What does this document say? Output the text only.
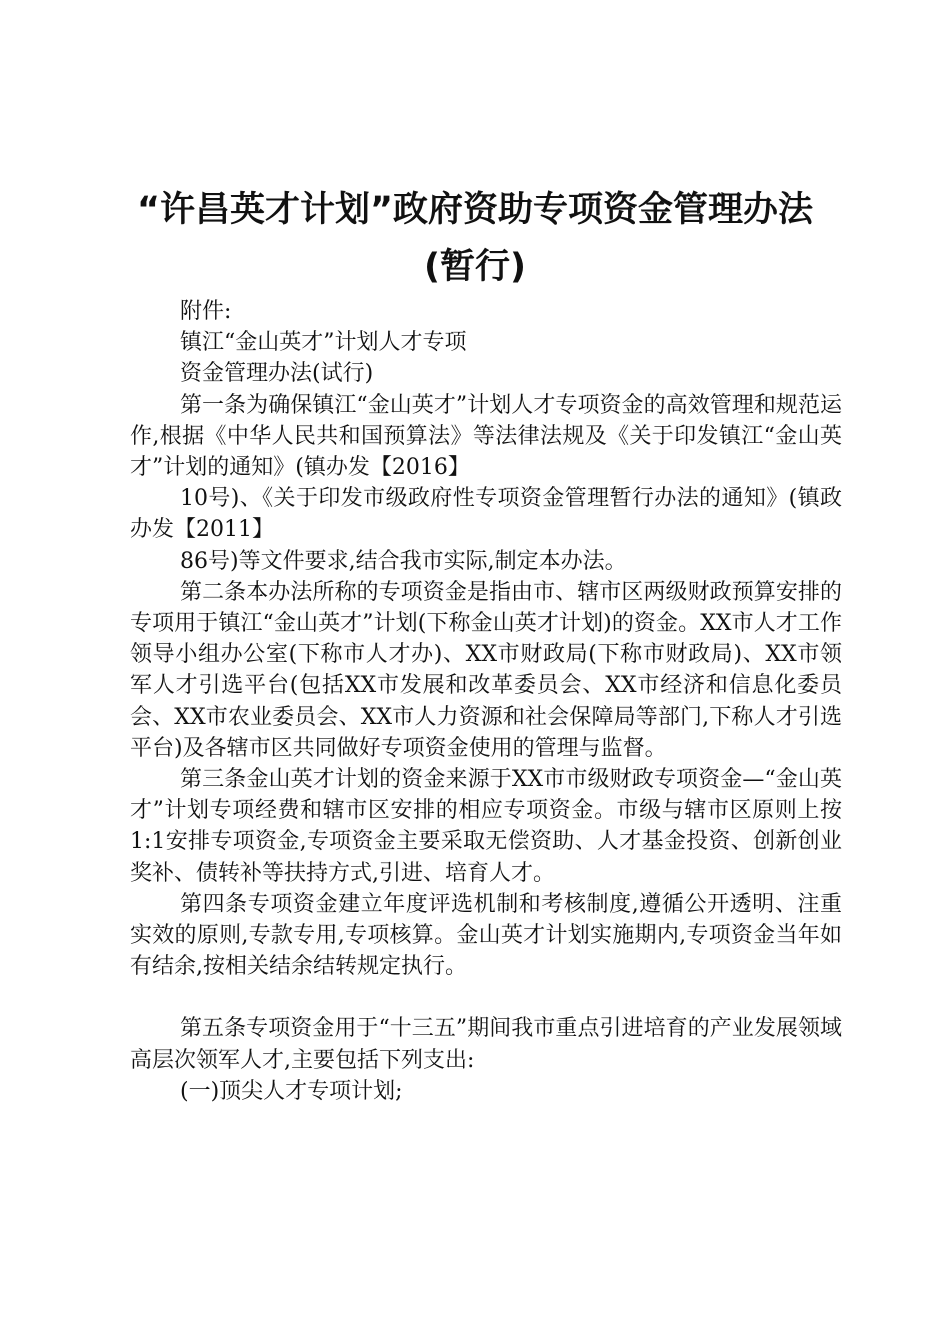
“许昌英才计划”政府资助专项资金管理办法
(暂行)

附件:

镇江“金山英才”计划人才专项

资金管理办法(试行)

第一条为确保镇江“金山英才”计划人才专项资金的高效管理和规范运作,根据《中华人民共和国预算法》等法律法规及《关于印发镇江“金山英才”计划的通知》(镇办发【2016】

10号)、《关于印发市级政府性专项资金管理暂行办法的通知》(镇政办发【2011】

86号)等文件要求,结合我市实际,制定本办法。

第二条本办法所称的专项资金是指由市、辖市区两级财政预算安排的专项用于镇江“金山英才”计划(下称金山英才计划)的资金。XX市人才工作领导小组办公室(下称市人才办)、XX市财政局(下称市财政局)、XX市领军人才引选平台(包括XX市发展和改革委员会、XX市经济和信息化委员会、XX市农业委员会、XX市人力资源和社会保障局等部门,下称人才引选平台)及各辖市区共同做好专项资金使用的管理与监督。

第三条金山英才计划的资金来源于XX市市级财政专项资金—“金山英才”计划专项经费和辖市区安排的相应专项资金。市级与辖市区原则上按1:1安排专项资金,专项资金主要采取无偿资助、人才基金投资、创新创业奖补、债转补等扶持方式,引进、培育人才。

第四条专项资金建立年度评选机制和考核制度,遵循公开透明、注重实效的原则,专款专用,专项核算。金山英才计划实施期内,专项资金当年如有结余,按相关结余结转规定执行。

第五条专项资金用于“十三五”期间我市重点引进培育的产业发展领域高层次领军人才,主要包括下列支出:

(一)顶尖人才专项计划;
